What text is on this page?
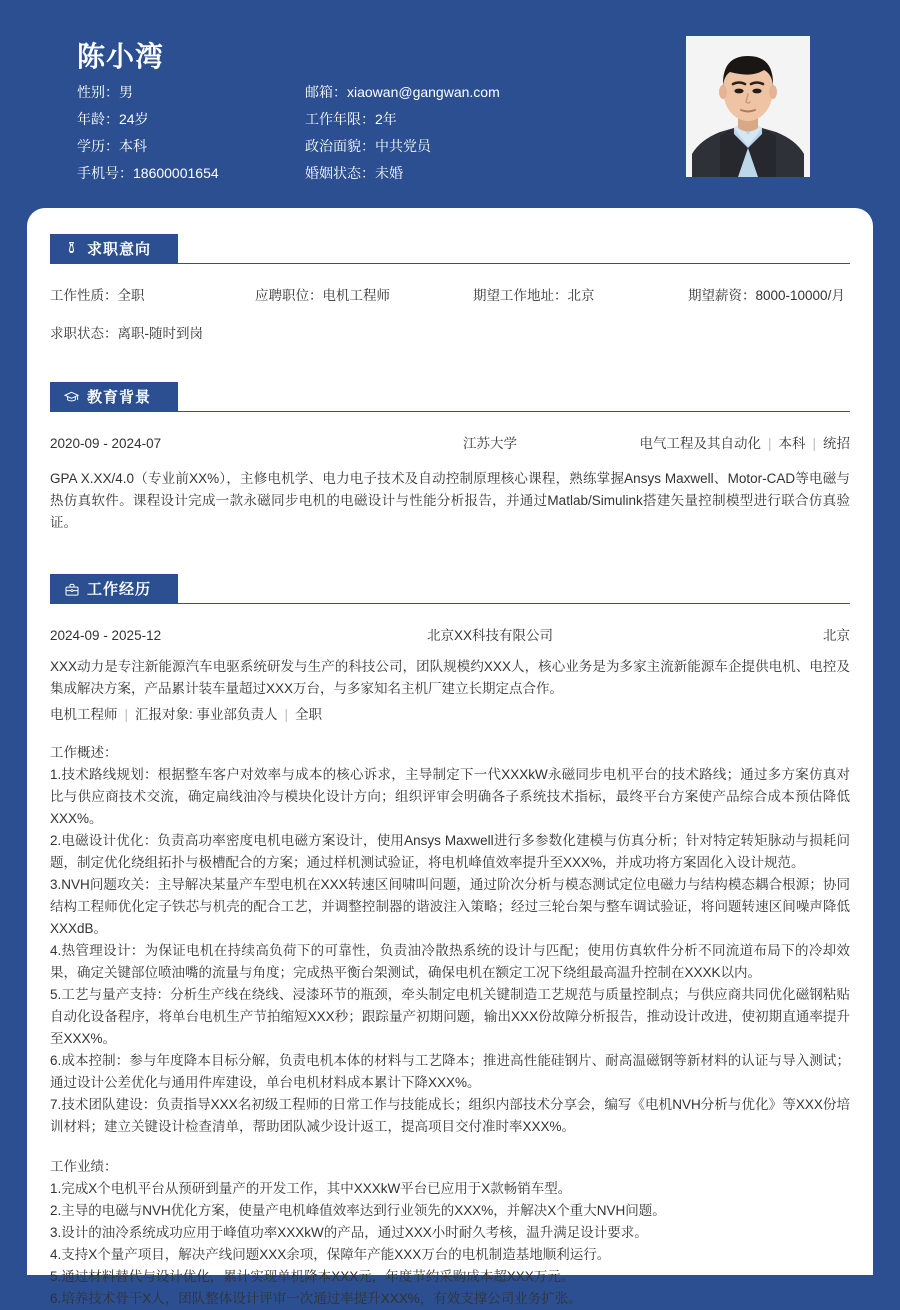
陈小湾
性别：男	邮箱：xiaowan@gangwan.com
年龄：24岁	工作年限：2年
学历：本科	政治面貌：中共党员
手机号：18600001654	婚姻状态：未婚
求职意向
工作性质：全职	应聘职位：电机工程师	期望工作地址：北京	期望薪资：8000-10000/月
求职状态：离职-随时到岗
教育背景
2020-09 - 2024-07	江苏大学	电气工程及其自动化 | 本科 | 统招
GPA X.XX/4.0（专业前XX%），主修电机学、电力电子技术及自动控制原理核心课程，熟练掌握Ansys Maxwell、Motor-CAD等电磁与热仿真软件。课程设计完成一款永磁同步电机的电磁设计与性能分析报告，并通过Matlab/Simulink搭建矢量控制模型进行联合仿真验证。
工作经历
2024-09 - 2025-12	北京XX科技有限公司	北京
XXX动力是专注新能源汽车电驱系统研发与生产的科技公司，团队规模约XXX人，核心业务是为多家主流新能源车企提供电机、电控及集成解决方案，产品累计装车量超过XXX万台，与多家知名主机厂建立长期定点合作。
电机工程师 | 汇报对象: 事业部负责人 | 全职
工作概述：
1.技术路线规划：根据整车客户对效率与成本的核心诉求，主导制定下一代XXXkW永磁同步电机平台的技术路线；通过多方案仿真对比与供应商技术交流，确定扁线油冷与模块化设计方向；组织评审会明确各子系统技术指标，最终平台方案使产品综合成本预估降低XXX%。
2.电磁设计优化：负责高功率密度电机电磁方案设计，使用Ansys Maxwell进行多参数化建模与仿真分析；针对特定转矩脉动与损耗问题，制定优化绕组拓扑与极槽配合的方案；通过样机测试验证，将电机峰值效率提升至XXX%，并成功将方案固化入设计规范。
3.NVH问题攻关：主导解决某量产车型电机在XXX转速区间啸叫问题，通过阶次分析与模态测试定位电磁力与结构模态耦合根源；协同结构工程师优化定子铁芯与机壳的配合工艺，并调整控制器的谐波注入策略；经过三轮台架与整车调试验证，将问题转速区间噪声降低XXXdB。
4.热管理设计：为保证电机在持续高负荷下的可靠性，负责油冷散热系统的设计与匹配；使用仿真软件分析不同流道布局下的冷却效果，确定关键部位喷油嘴的流量与角度；完成热平衡台架测试，确保电机在额定工况下绕组最高温升控制在XXXK以内。
5.工艺与量产支持：分析生产线在绕线、浸漆环节的瓶颈，牵头制定电机关键制造工艺规范与质量控制点；与供应商共同优化磁钢粘贴自动化设备程序，将单台电机生产节拍缩短XXX秒；跟踪量产初期问题，输出XXX份故障分析报告，推动设计改进，使初期直通率提升至XXX%。
6.成本控制：参与年度降本目标分解，负责电机本体的材料与工艺降本；推进高性能硅钢片、耐高温磁钢等新材料的认证与导入测试；通过设计公差优化与通用件库建设，单台电机材料成本累计下降XXX%。
7.技术团队建设：负责指导XXX名初级工程师的日常工作与技能成长；组织内部技术分享会，编写《电机NVH分析与优化》等XXX份培训材料；建立关键设计检查清单，帮助团队减少设计返工，提高项目交付准时率XXX%。
工作业绩：
1.完成X个电机平台从预研到量产的开发工作，其中XXXkW平台已应用于X款畅销车型。
2.主导的电磁与NVH优化方案，使量产电机峰值效率达到行业领先的XXX%，并解决X个重大NVH问题。
3.设计的油冷系统成功应用于峰值功率XXXkW的产品，通过XXX小时耐久考核，温升满足设计要求。
4.支持X个量产项目，解决产线问题XXX余项，保障年产能XXX万台的电机制造基地顺利运行。
5.通过材料替代与设计优化，累计实现单机降本XXX元，年度节约采购成本超XXX万元。
6.培养技术骨干X人，团队整体设计评审一次通过率提升XXX%，有效支撑公司业务扩张。
